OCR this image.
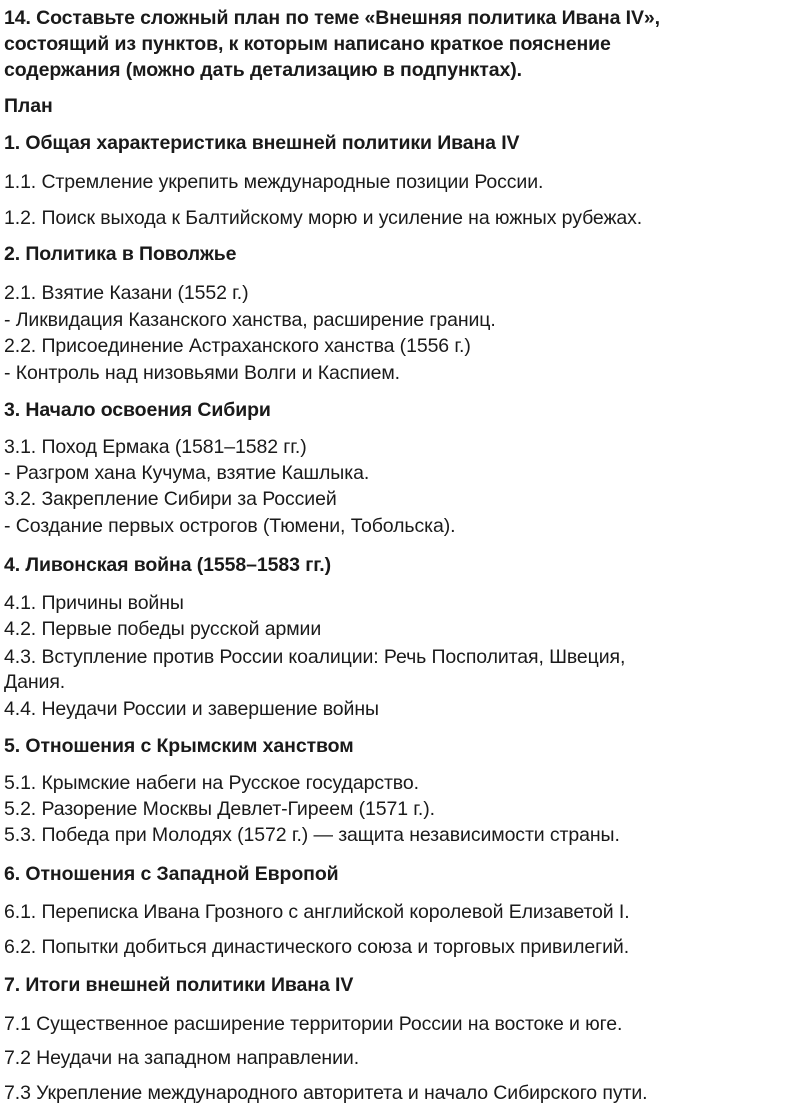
14. Составьте сложный план по теме «Внешняя политика Ивана IV»,
состоящий из пунктов, к которым написано краткое пояснение
содержания (можно дать детализацию в подпунктах).
План
1. Общая характеристика внешней политики Ивана IV
1.1. Стремление укрепить международные позиции России.
1.2. Поиск выхода к Балтийскому морю и усиление на южных рубежах.
2. Политика в Поволжье
2.1. Взятие Казани (1552 г.)
- Ликвидация Казанского ханства, расширение границ.
2.2. Присоединение Астраханского ханства (1556 г.)
- Контроль над низовьями Волги и Каспием.
3. Начало освоения Сибири
3.1. Поход Ермака (1581–1582 гг.)
- Разгром хана Кучума, взятие Кашлыка.
3.2. Закрепление Сибири за Россией
- Создание первых острогов (Тюмени, Тобольска).
4. Ливонская война (1558–1583 гг.)
4.1. Причины войны
4.2. Первые победы русской армии
4.3. Вступление против России коалиции: Речь Посполитая, Швеция,
Дания.
4.4. Неудачи России и завершение войны
5. Отношения с Крымским ханством
5.1. Крымские набеги на Русское государство.
5.2. Разорение Москвы Девлет-Гиреем (1571 г.).
5.3. Победа при Молодях (1572 г.) — защита независимости страны.
6. Отношения с Западной Европой
6.1. Переписка Ивана Грозного с английской королевой Елизаветой I.
6.2. Попытки добиться династического союза и торговых привилегий.
7. Итоги внешней политики Ивана IV
7.1 Существенное расширение территории России на востоке и юге.
7.2 Неудачи на западном направлении.
7.3 Укрепление международного авторитета и начало Сибирского пути.
